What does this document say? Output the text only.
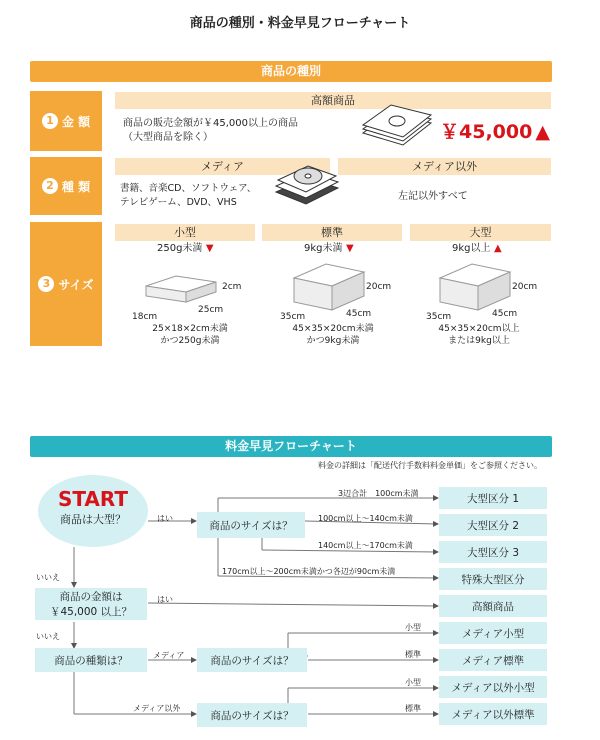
商品の種別・料金早見フローチャート
商品の種別
1 金 額
高額商品
商品の販売金額が￥45,000以上の商品
（大型商品を除く）	￥45,000 ▲
2 種 類
メディア	メディア以外
書籍、音楽CD、ソフトウェア、
テレビゲーム、DVD、VHS
左記以外すべて
3 サイズ
小型	標準	大型
250g未満 ▼	9kg未満 ▼	9kg以上 ▲
2cm
18cm
25cm
20cm
35cm	45cm
20cm
35cm	45cm
25×18×2cm未満
かつ250g未満
45×35×20cm未満
かつ9kg未満
45×35×20cm以上
または9kg以上
料金早見フローチャート
料金の詳細は「配送代行手数料料金単価」をご参照ください。
START
商品は大型？	商品のサイズは？
商品の金額は
￥45,000 以上？
商品の種類は？	商品のサイズは？
商品のサイズは？
はい
いいえ
はい
いいえ
メディア
メディア以外
小型
標準
小型
標準
3辺合計　100cm未満
100cm以上～140cm未満
140cm以上～170cm未満
170cm以上～200cm未満かつ各辺が90cm未満
大型区分 1
大型区分 2
大型区分 3
特殊大型区分
高額商品
メディア小型
メディア標準
メディア以外小型
メディア以外標準
